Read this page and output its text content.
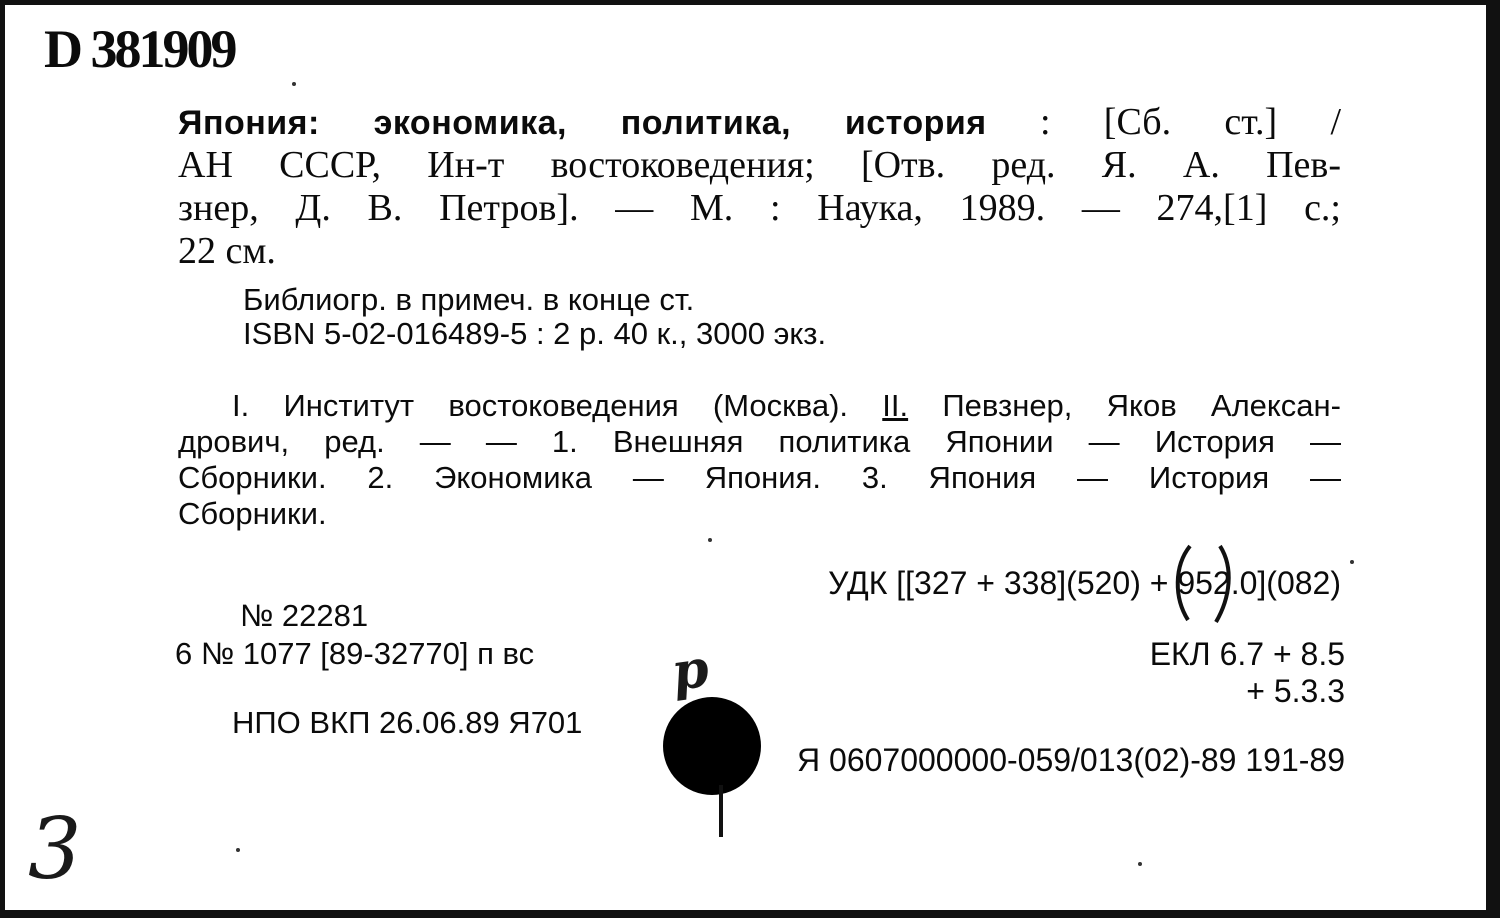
D 381909
Япония: экономика, политика, история : [Сб. ст.] /
АН СССР, Ин-т востоковедения; [Отв. ред. Я. А. Пев-
знер, Д. В. Петров]. — М. : Наука, 1989. — 274,[1] с.;
22 см.
Библиогр. в примеч. в конце ст.
ISBN 5-02-016489-5 : 2 р. 40 к., 3000 экз.
I. Институт востоковедения (Москва). II. Певзнер, Яков Алексан-
дрович, ред. — — 1. Внешняя политика Японии — История —
Сборники. 2. Экономика — Япония. 3. Япония — История —
Сборники.
УДК [[327 + 338](520) + 952.0](082)
№ 22281
6 № 1077 [89-32770] п вс
НПО ВКП 26.06.89 Я701
ЕКЛ 6.7 + 8.5
+ 5.3.3
Я 0607000000-059/013(02)-89 191-89
р
3
